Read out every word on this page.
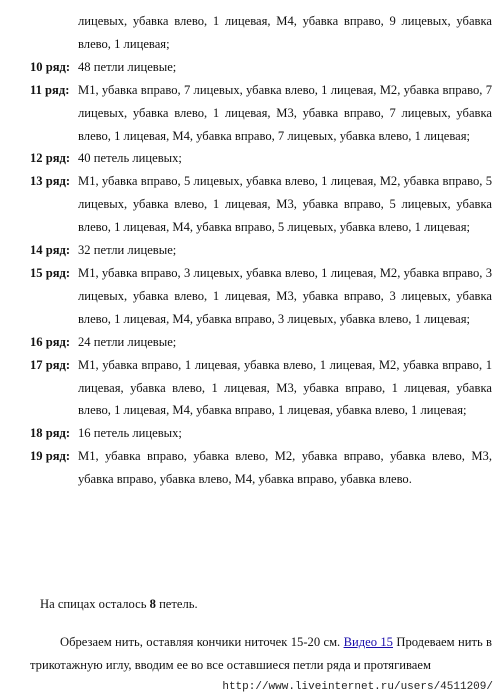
лицевых, убавка влево, 1 лицевая, М4, убавка вправо, 9 лицевых, убавка влево, 1 лицевая;
10 ряд: 48 петли лицевые;
11 ряд: М1, убавка вправо, 7 лицевых, убавка влево, 1 лицевая, М2, убавка вправо, 7 лицевых, убавка влево, 1 лицевая, М3, убавка вправо, 7 лицевых, убавка влево, 1 лицевая, М4, убавка вправо, 7 лицевых, убавка влево, 1 лицевая;
12 ряд: 40 петель лицевых;
13 ряд: М1, убавка вправо, 5 лицевых, убавка влево, 1 лицевая, М2, убавка вправо, 5 лицевых, убавка влево, 1 лицевая, М3, убавка вправо, 5 лицевых, убавка влево, 1 лицевая, М4, убавка вправо, 5 лицевых, убавка влево, 1 лицевая;
14 ряд: 32 петли лицевые;
15 ряд: М1, убавка вправо, 3 лицевых, убавка влево, 1 лицевая, М2, убавка вправо, 3 лицевых, убавка влево, 1 лицевая, М3, убавка вправо, 3 лицевых, убавка влево, 1 лицевая, М4, убавка вправо, 3 лицевых, убавка влево, 1 лицевая;
16 ряд: 24 петли лицевые;
17 ряд: М1, убавка вправо, 1 лицевая, убавка влево, 1 лицевая, М2, убавка вправо, 1 лицевая, убавка влево, 1 лицевая, М3, убавка вправо, 1 лицевая, убавка влево, 1 лицевая, М4, убавка вправо, 1 лицевая, убавка влево, 1 лицевая;
18 ряд: 16 петель лицевых;
19 ряд: М1, убавка вправо, убавка влево, М2, убавка вправо, убавка влево, М3, убавка вправо, убавка влево, М4, убавка вправо, убавка влево.
На спицах осталось 8 петель.
Обрезаем нить, оставляя кончики ниточек 15-20 см. Видео 15 Продеваем нить в трикотажную иглу, вводим ее во все оставшиеся петли ряда и протягиваем
http://www.liveinternet.ru/users/4511209/
